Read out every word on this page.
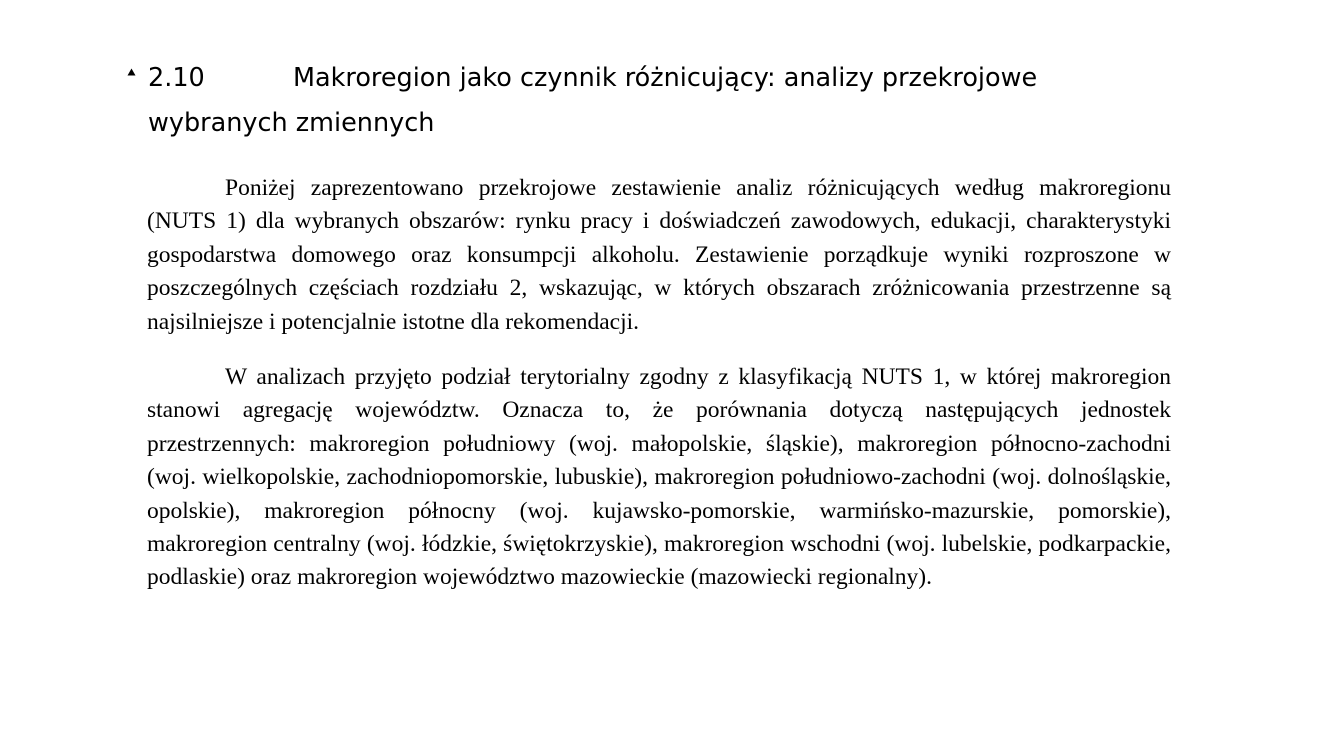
2.10	Makroregion jako czynnik różnicujący: analizy przekrojowe wybranych zmiennych

Poniżej zaprezentowano przekrojowe zestawienie analiz różnicujących według makroregionu (NUTS 1) dla wybranych obszarów: rynku pracy i doświadczeń zawodowych, edukacji, charakterystyki gospodarstwa domowego oraz konsumpcji alkoholu. Zestawienie porządkuje wyniki rozproszone w poszczególnych częściach rozdziału 2, wskazując, w których obszarach zróżnicowania przestrzenne są najsilniejsze i potencjalnie istotne dla rekomendacji.

W analizach przyjęto podział terytorialny zgodny z klasyfikacją NUTS 1, w której makroregion stanowi agregację województw. Oznacza to, że porównania dotyczą następujących jednostek przestrzennych: makroregion południowy (woj. małopolskie, śląskie), makroregion północno-zachodni (woj. wielkopolskie, zachodniopomorskie, lubuskie), makroregion południowo-zachodni (woj. dolnośląskie, opolskie), makroregion północny (woj. kujawsko-pomorskie, warmińsko-mazurskie, pomorskie), makroregion centralny (woj. łódzkie, świętokrzyskie), makroregion wschodni (woj. lubelskie, podkarpackie, podlaskie) oraz makroregion województwo mazowieckie (mazowiecki regionalny).
